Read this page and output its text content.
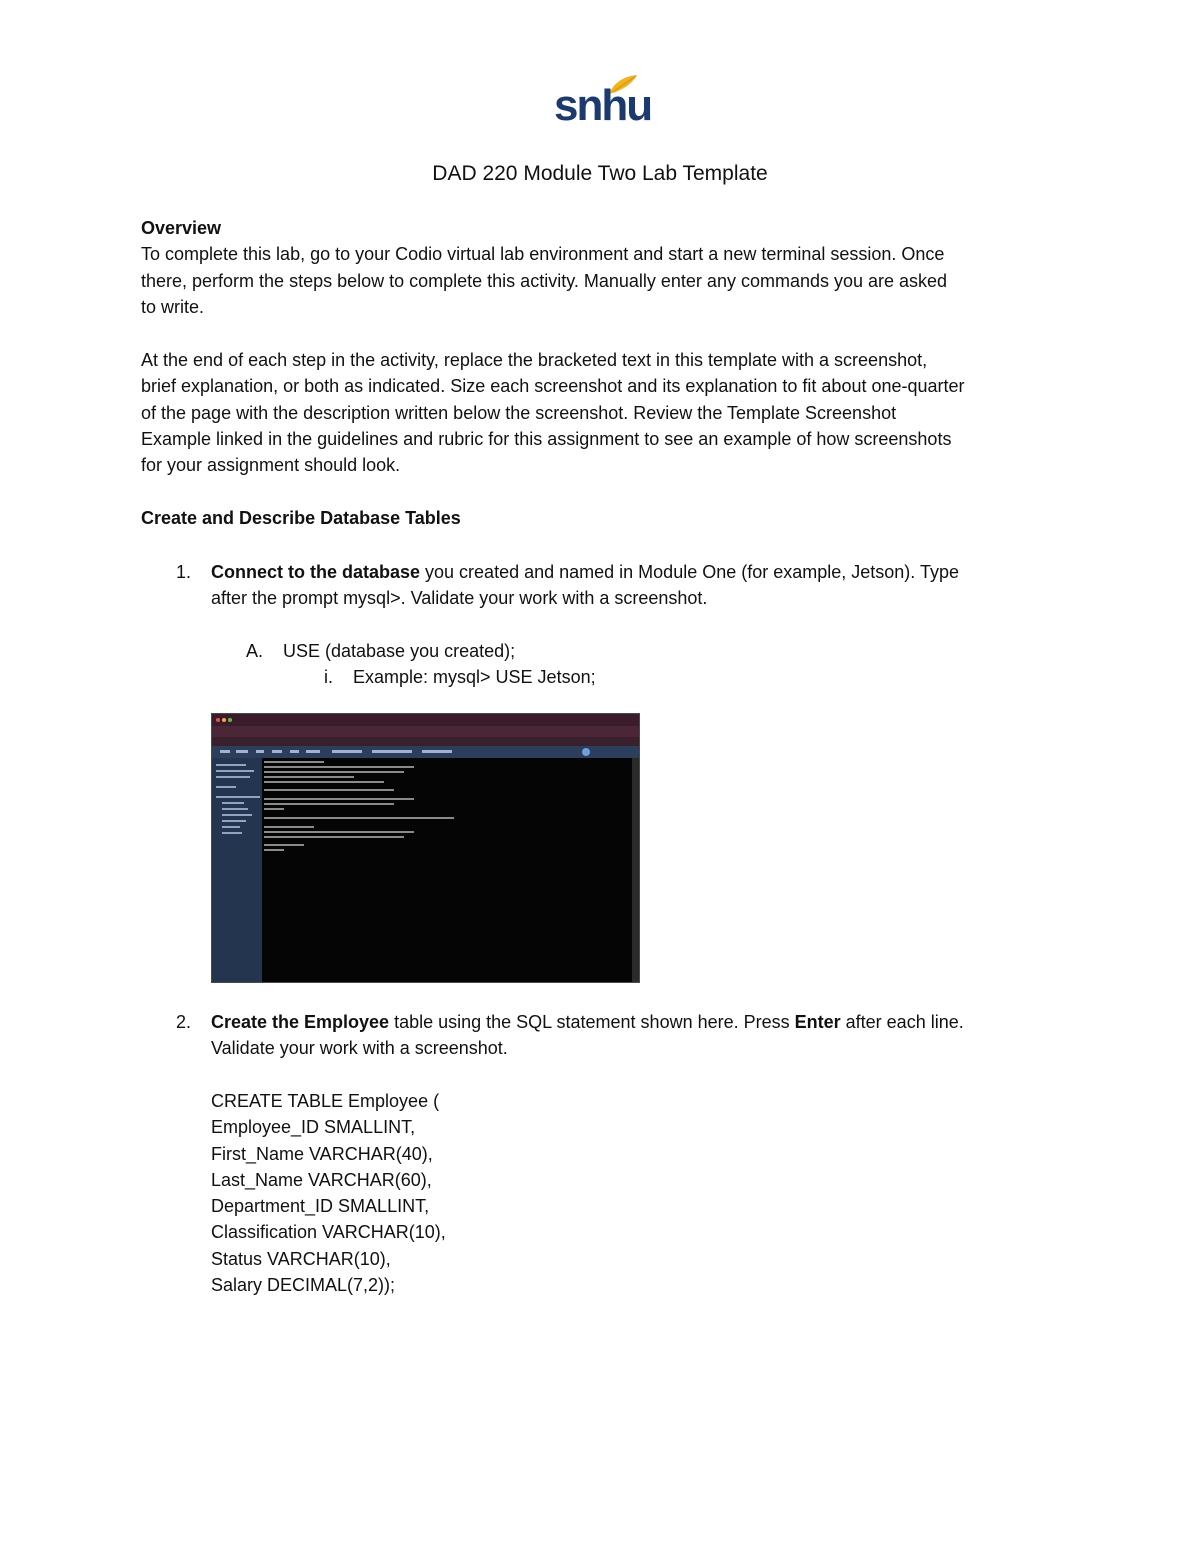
snhu
DAD 220 Module Two Lab Template

Overview

To complete this lab, go to your Codio virtual lab environment and start a new terminal session. Once

there, perform the steps below to complete this activity. Manually enter any commands you are asked

to write.

At the end of each step in the activity, replace the bracketed text in this template with a screenshot,

brief explanation, or both as indicated. Size each screenshot and its explanation to fit about one-quarter

of the page with the description written below the screenshot. Review the Template Screenshot

Example linked in the guidelines and rubric for this assignment to see an example of how screenshots

for your assignment should look.

Create and Describe Database Tables
1. Connect to the database you created and named in Module One (for example, Jetson). Type

after the prompt mysql>. Validate your work with a screenshot.

A. USE (database you created);
i. Example: mysql> USE Jetson;
2. Create the Employee table using the SQL statement shown here. Press Enter after each line.

Validate your work with a screenshot.

CREATE TABLE Employee (

Employee_ID SMALLINT,

First_Name VARCHAR(40),

Last_Name VARCHAR(60),

Department_ID SMALLINT,

Classification VARCHAR(10),

Status VARCHAR(10),

Salary DECIMAL(7,2));
